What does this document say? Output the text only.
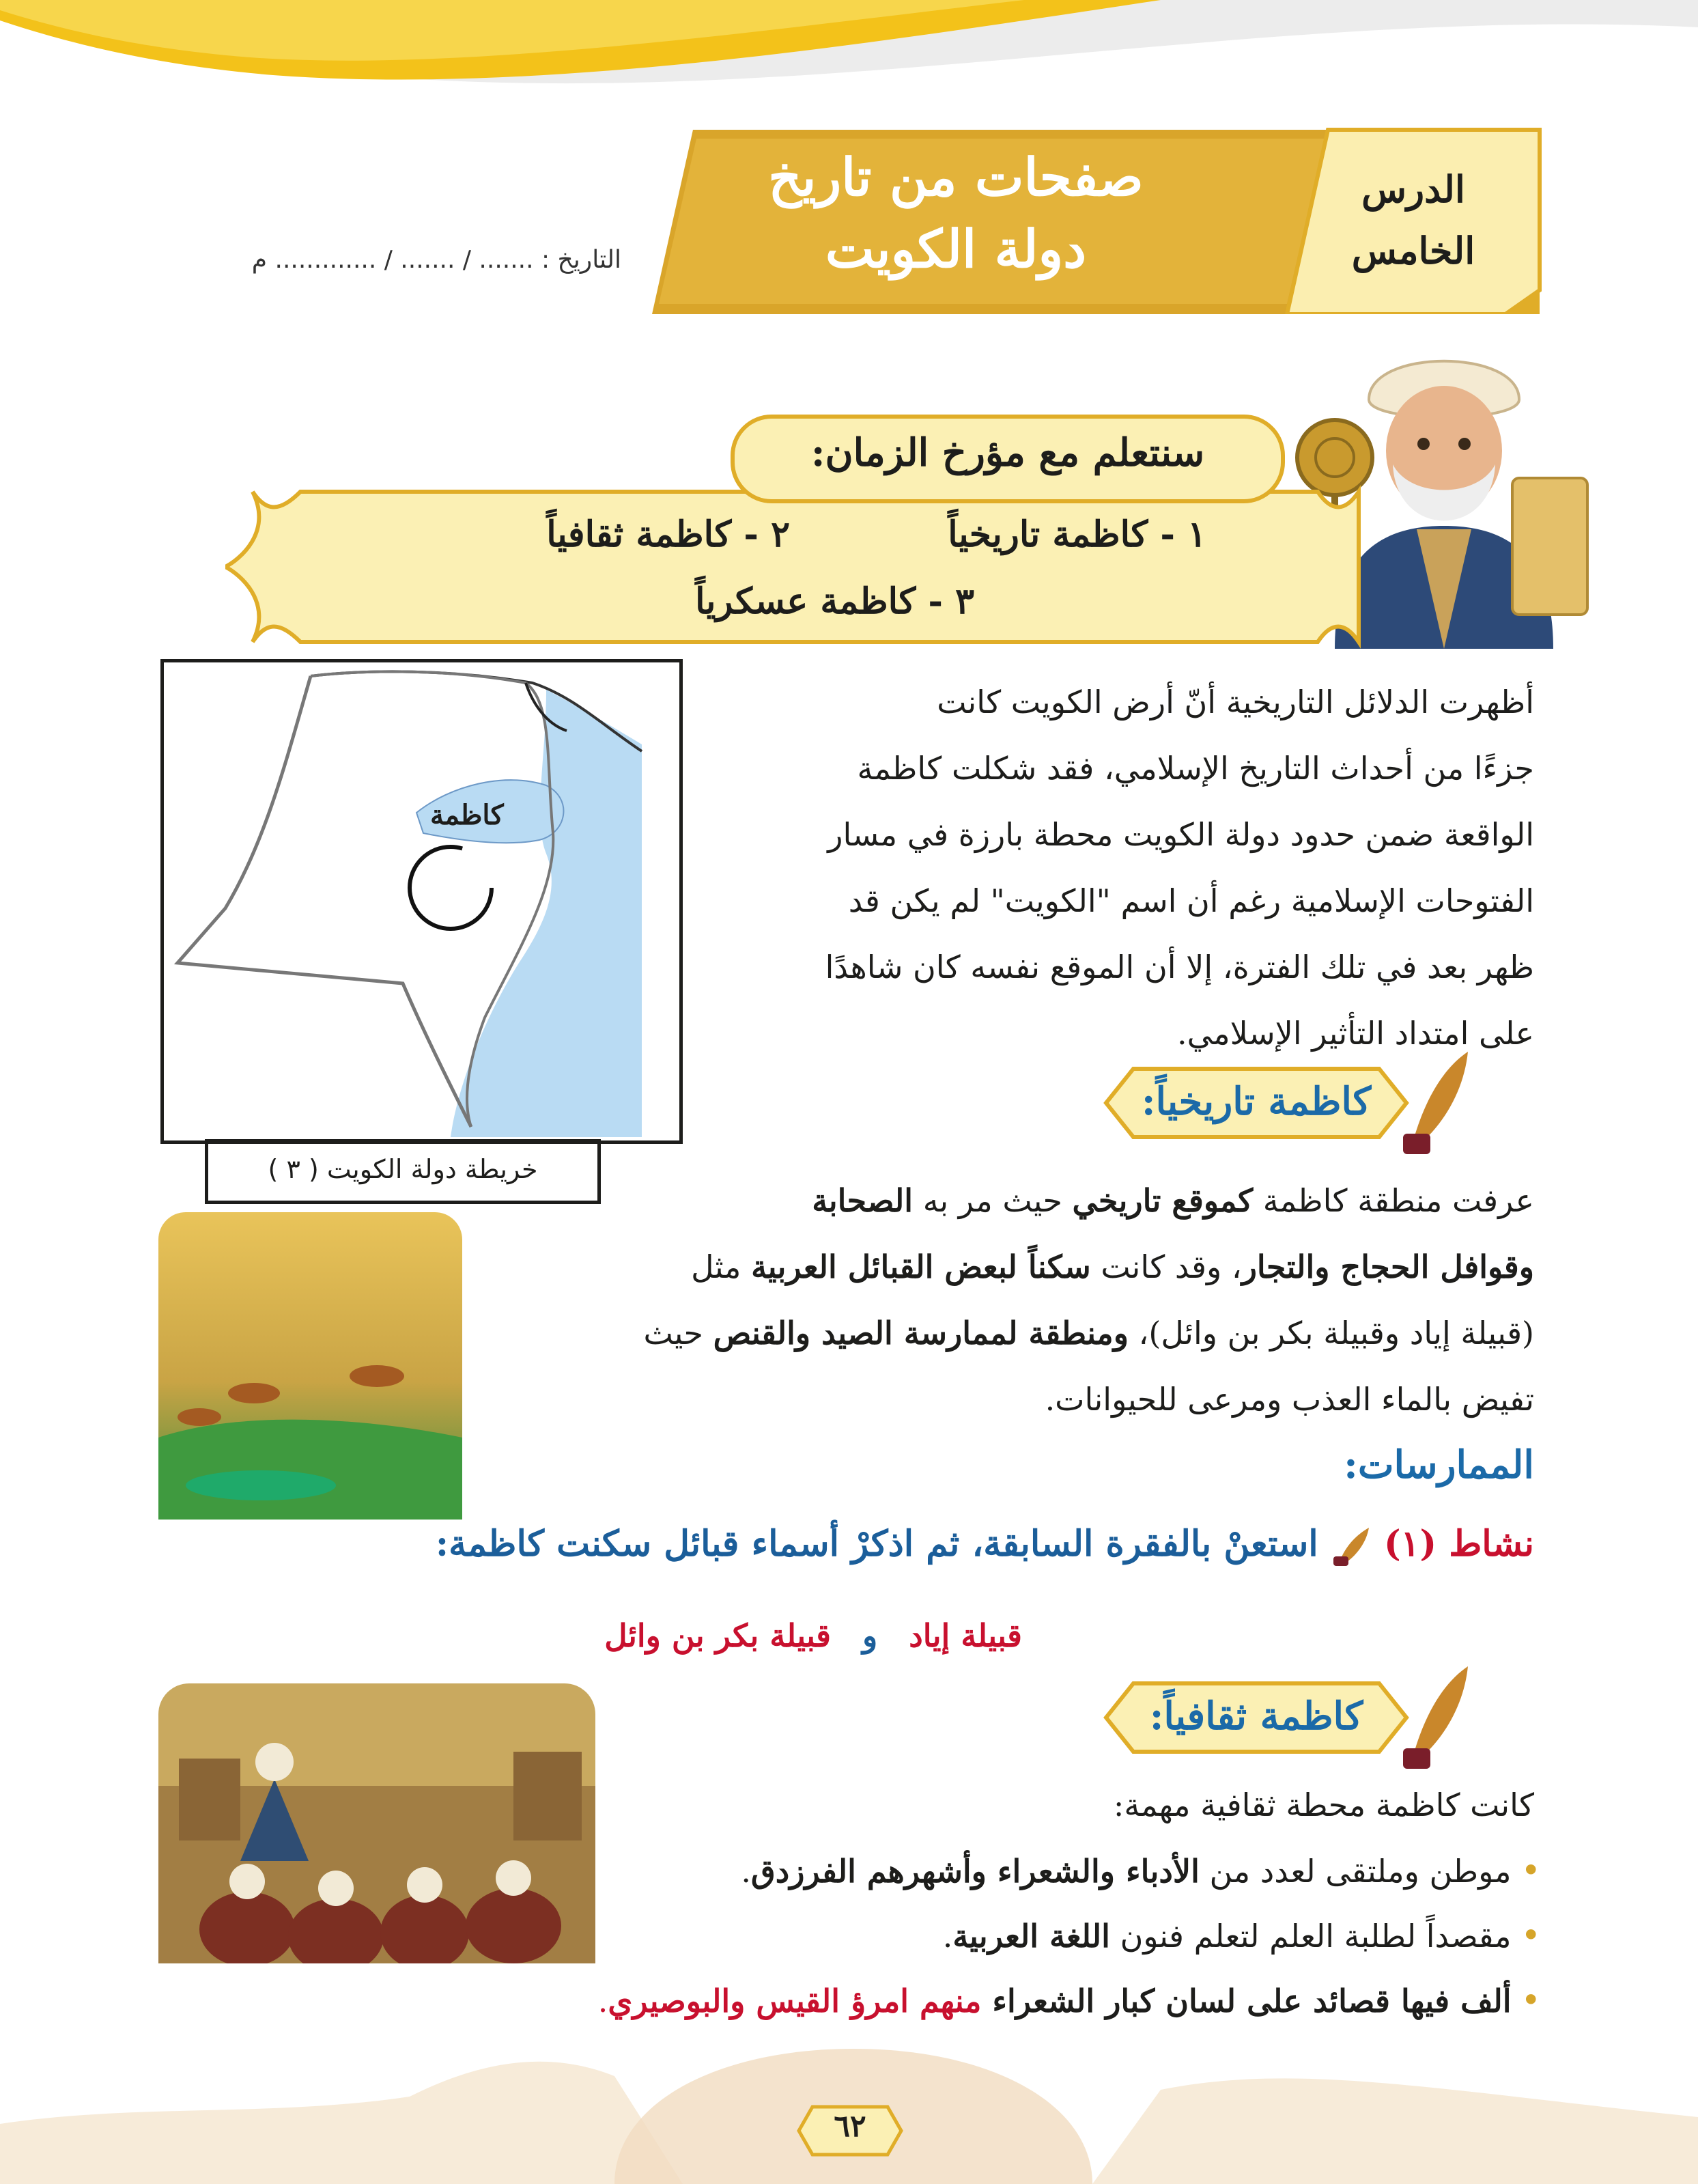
صفحات من تاريخ
دولة الكويت
الدرس
الخامس
التاريخ : ....... / ....... / ............. م
سنتعلم مع مؤرخ الزمان:
١ - كاظمة تاريخياً
٢ - كاظمة ثقافياً
٣ - كاظمة عسكرياً
كاظمة
خريطة دولة الكويت ( ٣ )
أظهرت الدلائل التاريخية أنّ أرض الكويت كانت
جزءًا من أحداث التاريخ الإسلامي، فقد شكلت كاظمة
الواقعة ضمن حدود دولة الكويت محطة بارزة في مسار
الفتوحات الإسلامية رغم أن اسم "الكويت" لم يكن قد
ظهر بعد في تلك الفترة، إلا أن الموقع نفسه كان شاهدًا
على امتداد التأثير الإسلامي.
كاظمة تاريخياً:
عرفت منطقة كاظمة كموقع تاريخي حيث مر به الصحابة
وقوافل الحجاج والتجار، وقد كانت سكناً لبعض القبائل العربية مثل
(قبيلة إياد وقبيلة بكر بن وائل)، ومنطقة لممارسة الصيد والقنص حيث
تفيض بالماء العذب ومرعى للحيوانات.
الممارسات:
نشاط (١)  استعنْ بالفقرة السابقة، ثم اذكرْ أسماء قبائل سكنت كاظمة:
قبيلة إياد و قبيلة بكر بن وائل
كاظمة ثقافياً:
كانت كاظمة محطة ثقافية مهمة:
•موطن وملتقى لعدد من الأدباء والشعراء وأشهرهم الفرزدق.
•مقصداً لطلبة العلم لتعلم فنون اللغة العربية.
•ألف فيها قصائد على لسان كبار الشعراء منهم امرؤ القيس والبوصيري.
٦٢
